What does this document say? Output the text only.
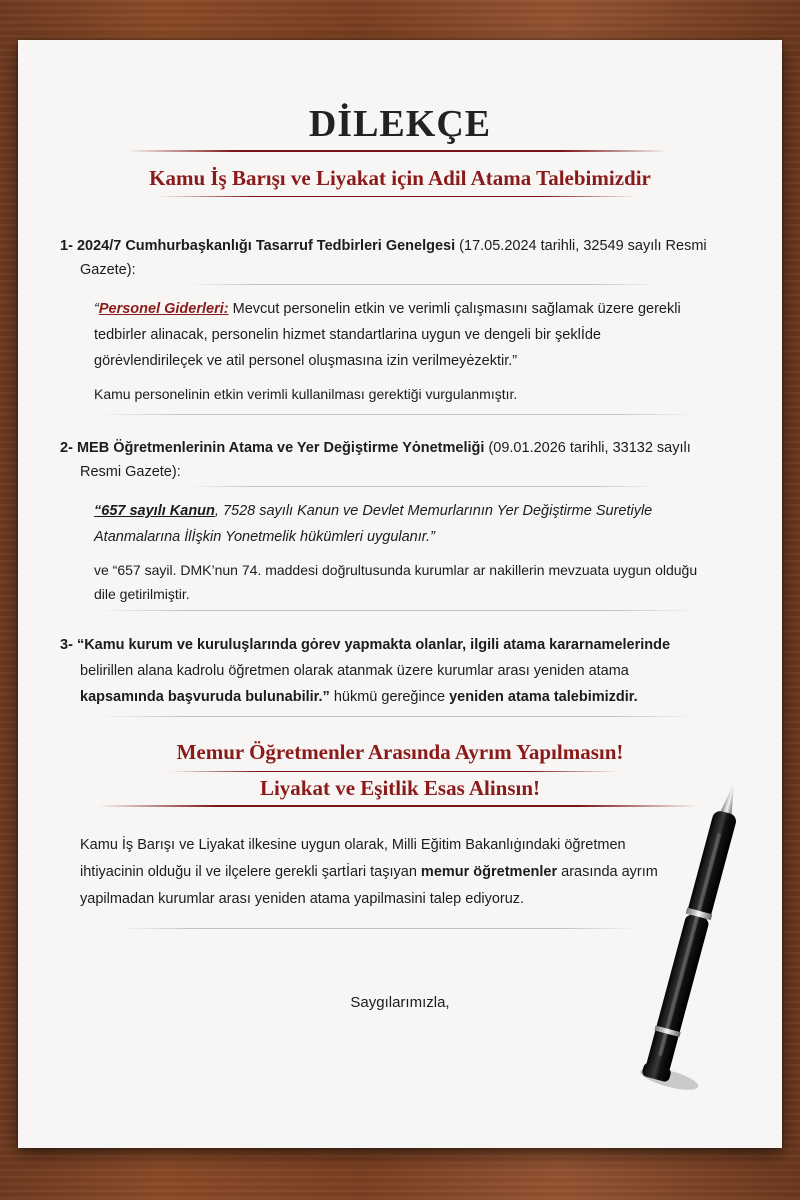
DİLEKÇE
Kamu İş Barışı ve Liyakat için Adil Atama Talebimizdir
1- 2024/7 Cumhurbaşkanlığı Tasarruf Tedbirleri Genelgesi (17.05.2024 tarihli, 32549 sayılı Resmi
Gazete):
“Personel Giderleri: Mevcut personelin etkin ve verimli çalışmasını sağlamak üzere gerekli
tedbirler alinacak, personelin hizmet standartlarina uygun ve dengeli bir şeklİde
görėvlendirileçek ve atil personel oluşmasına izin verilmeyėzektir.”
Kamu personelinin etkin verimli kullanilması gerektiği vurgulanmıştır.
2- MEB Öğretmenlerinin Atama ve Yer Değiştirme Yȯnetmeliği (09.01.2026 tarihli, 33132 sayılı
Resmi Gazete):
“657 sayılı Kanun, 7528 sayılı Kanun ve Devlet Memurlarının Yer Değiştirme Suretiyle
Atanmalarına İlİşkin Yonetmelik hükümleri uygulanır.”
ve “657 sayil. DMK’nun 74. maddesi doğrultusunda kurumlar ar nakillerin mevzuata uygun olduğu
dile getirilmiştir.
3- “Kamu kurum ve kuruluşlarında gȯrev yapmakta olanlar, ilgili atama kararnamelerinde
belirillen alana kadrolu öğretmen olarak atanmak üzere kurumlar arası yeniden atama
kapsamında başvuruda bulunabilir.” hükmü gereğince yeniden atama talebimizdir.
Memur Öğretmenler Arasında Ayrım Yapılmasın!
Liyakat ve Eşitlik Esas Alinsın!
Kamu İş Barışı ve Liyakat ilkesine uygun olarak, Milli Eğitim Bakanlıġındaki öğretmen
ihtiyacinin olduğu il ve ilçelere gerekli şartİari taşıyan memur öğretmenler arasında ayrım
yapilmadan kurumlar arası yeniden atama yapilmasini talep ediyoruz.
Saygılarımızla,
